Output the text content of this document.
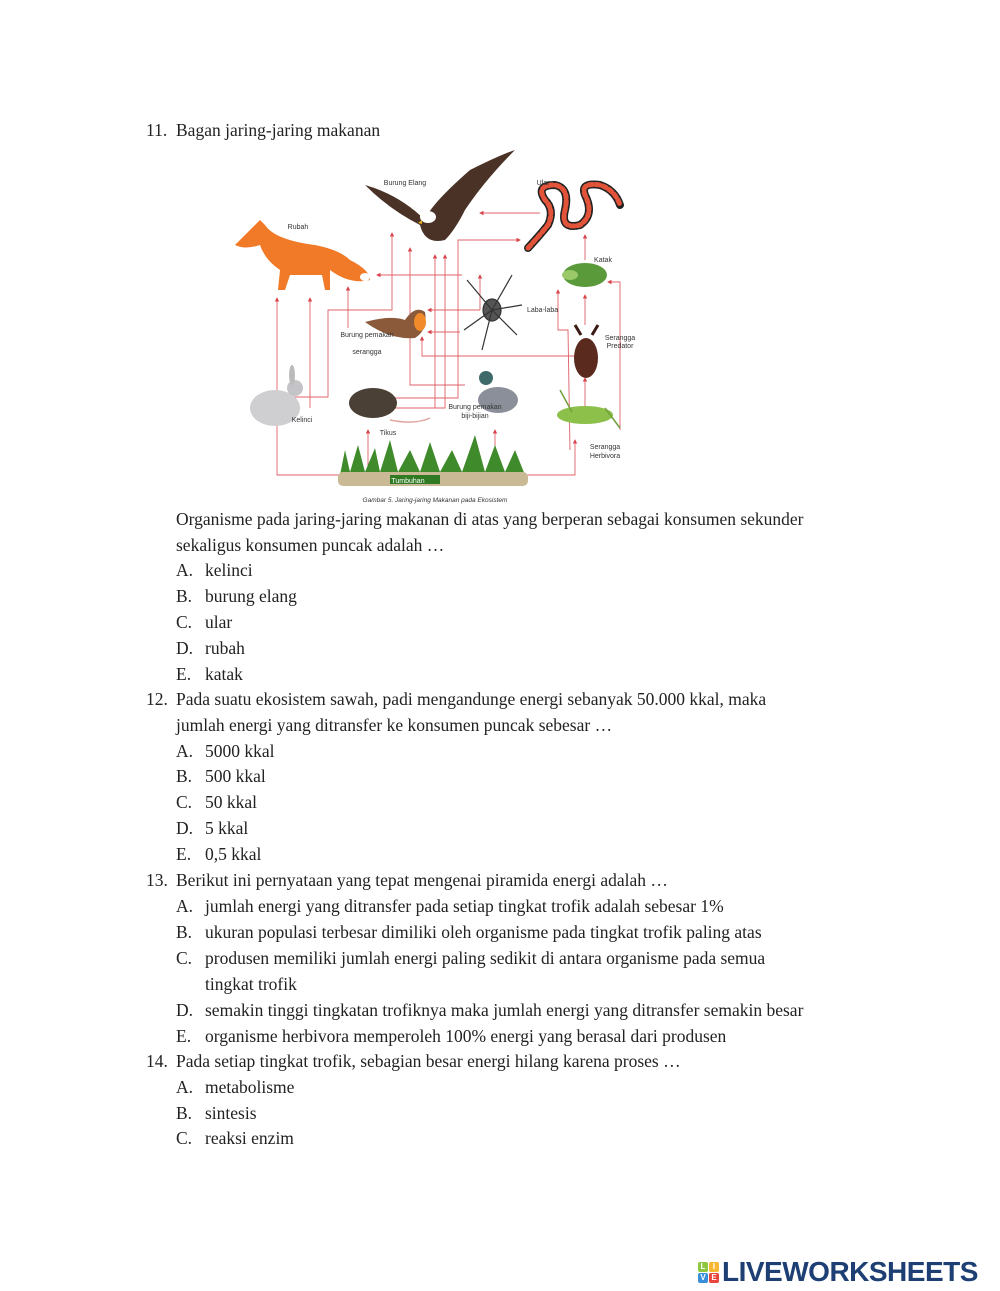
11. Bagan jaring-jaring makanan
Burung Elang	Ular
Rubah
Katak
Laba-laba
Serangga
Predator
Burung pemakan
serangga
Burung pemakan
biji-bijian
Kelinci
Tikus
Serangga
Herbivora
Tumbuhan
Gambar 5. Jaring-jaring Makanan pada Ekosistem
Organisme pada jaring-jaring makanan di atas yang berperan sebagai konsumen sekunder
sekaligus konsumen puncak adalah …
A. kelinci
B. burung elang
C. ular
D. rubah
E. katak
12. Pada suatu ekosistem sawah, padi mengandunge energi sebanyak 50.000 kkal, maka
jumlah energi yang ditransfer ke konsumen puncak sebesar …
A. 5000 kkal
B. 500 kkal
C. 50 kkal
D. 5 kkal
E. 0,5 kkal
13. Berikut ini pernyataan yang tepat mengenai piramida energi adalah …
A. jumlah energi yang ditransfer pada setiap tingkat trofik adalah sebesar 1%
B. ukuran populasi terbesar dimiliki oleh organisme pada tingkat trofik paling atas
C. produsen memiliki jumlah energi paling sedikit di antara organisme pada semua
tingkat trofik
D. semakin tinggi tingkatan trofiknya maka jumlah energi yang ditransfer semakin besar
E. organisme herbivora memperoleh 100% energi yang berasal dari produsen
14. Pada setiap tingkat trofik, sebagian besar energi hilang karena proses …
A. metabolisme
B. sintesis
C. reaksi enzim
L I
V E LIVEWORKSHEETS
